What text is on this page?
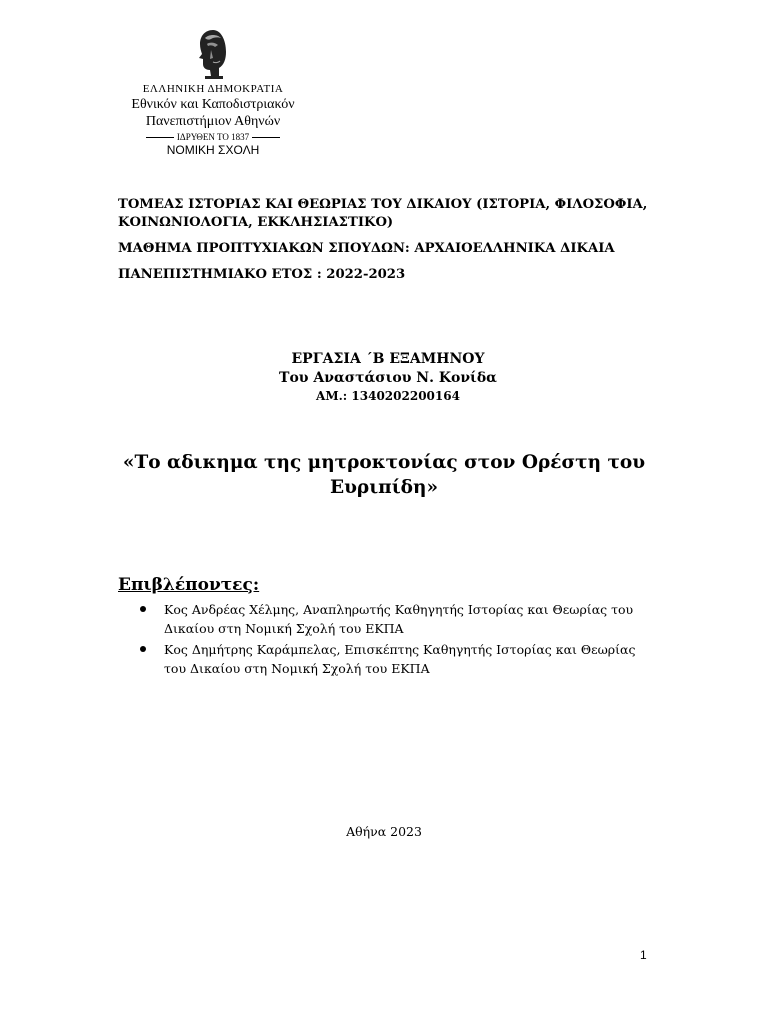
ΕΛΛΗΝΙΚΗ ΔΗΜΟΚΡΑΤΙΑ
Εθνικόν και Καποδιστριακόν
Πανεπιστήμιον Αθηνών
ΙΔΡΥΘΕΝ ΤΟ 1837
ΝΟΜΙΚΗ ΣΧΟΛΗ

ΤΟΜΕΑΣ ΙΣΤΟΡΙΑΣ ΚΑΙ ΘΕΩΡΙΑΣ ΤΟΥ ΔΙΚΑΙΟΥ (ΙΣΤΟΡΙΑ, ΦΙΛΟΣΟΦΙΑ, ΚΟΙΝΩΝΙΟΛΟΓΙΑ, ΕΚΚΛΗΣΙΑΣΤΙΚΟ)

ΜΑΘΗΜΑ ΠΡΟΠΤΥΧΙΑΚΩΝ ΣΠΟΥΔΩΝ: ΑΡΧΑΙΟΕΛΛΗΝΙΚΑ ΔΙΚΑΙΑ

ΠΑΝΕΠΙΣΤΗΜΙΑΚΟ ΕΤΟΣ : 2022-2023

ΕΡΓΑΣΙΑ ΄Β ΕΞΑΜΗΝΟΥ
Του Αναστάσιου Ν. Κονίδα
ΑΜ.: 1340202200164
«Το αδικημα της μητροκτονίας στον Ορέστη του Ευριπίδη»
Επιβλέποντες:
Κος Ανδρέας Χέλμης, Αναπληρωτής Καθηγητής Ιστορίας και Θεωρίας του Δικαίου στη Νομική Σχολή του ΕΚΠΑ
Κος Δημήτρης Καράμπελας, Επισκέπτης Καθηγητής Ιστορίας και Θεωρίας του Δικαίου στη Νομική Σχολή του ΕΚΠΑ
Αθήνα 2023
1
